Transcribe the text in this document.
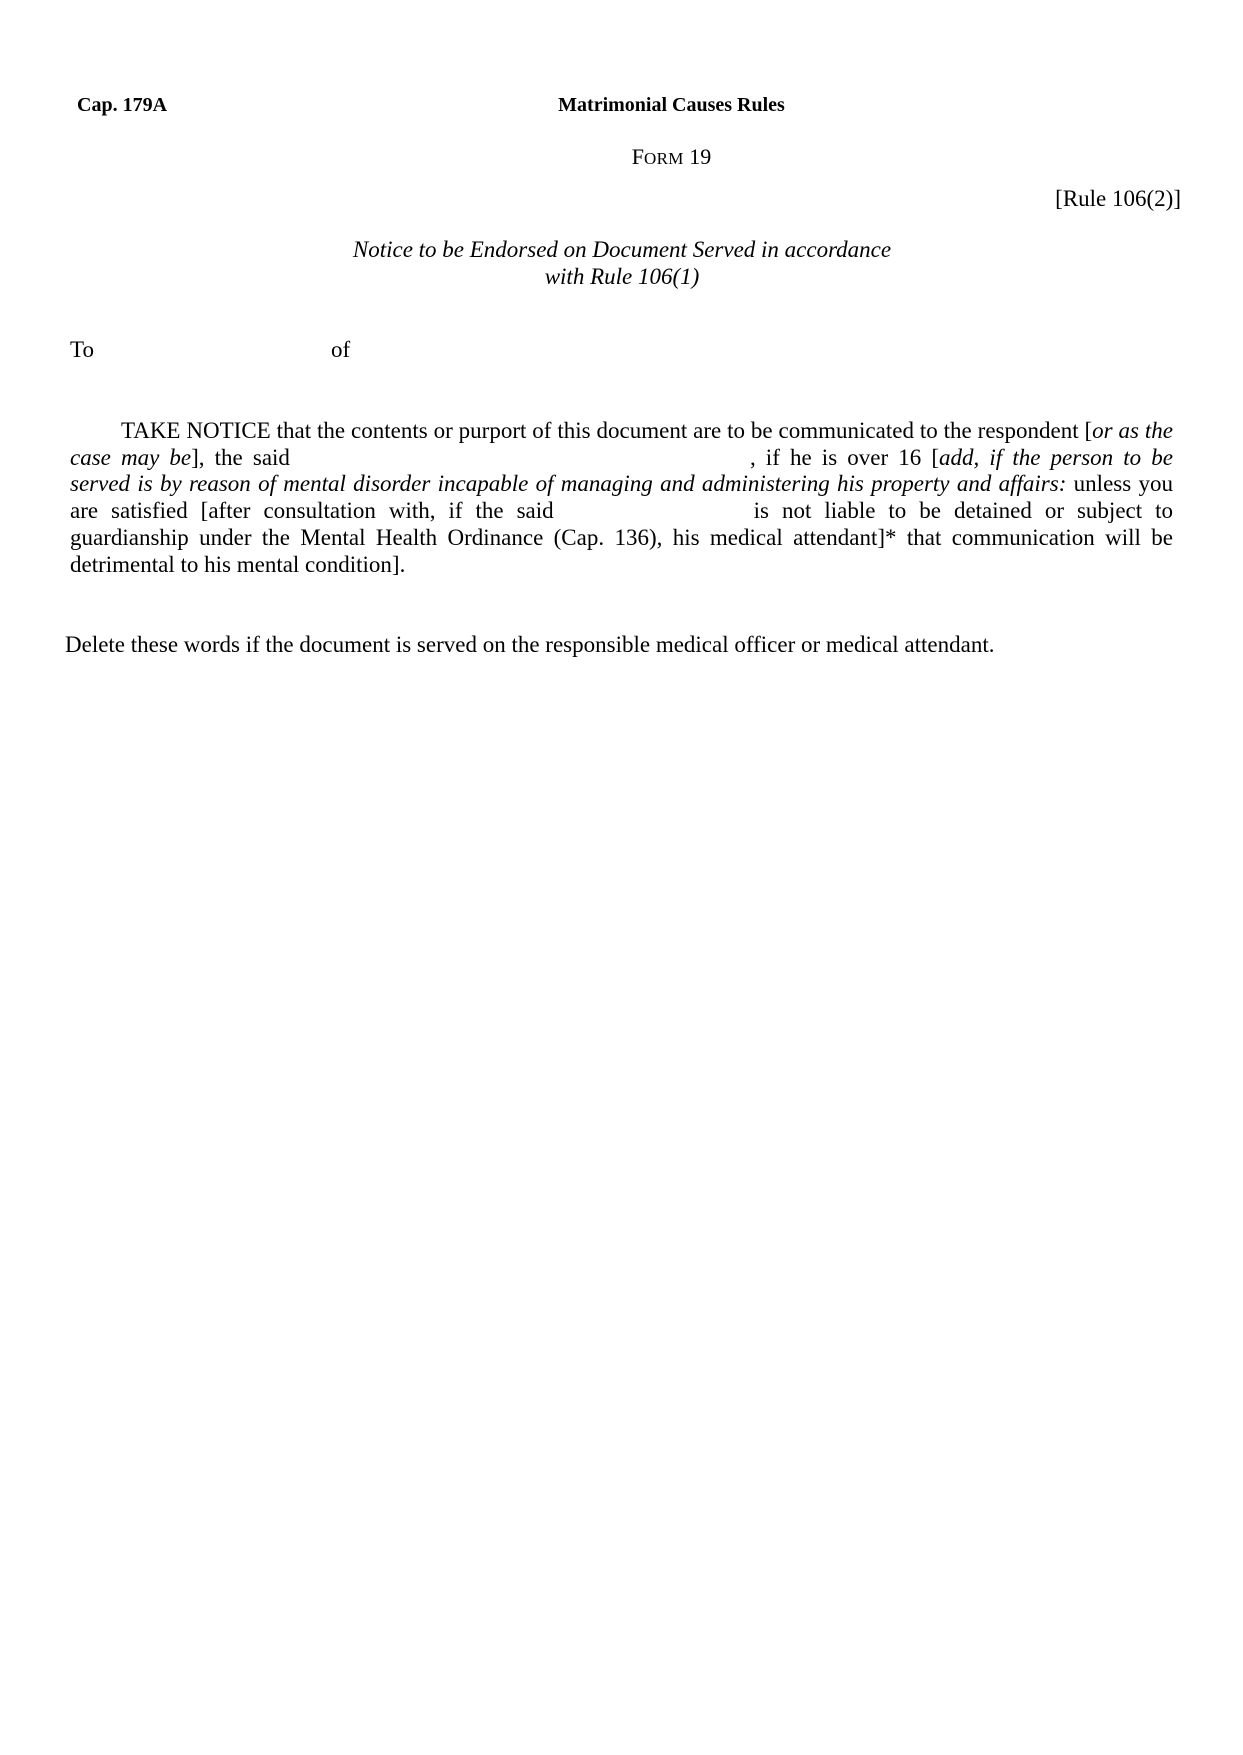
Cap. 179A	Matrimonial Causes Rules
FORM 19
[Rule 106(2)]
Notice to be Endorsed on Document Served in accordance
with Rule 106(1)
To	of
TAKE NOTICE that the contents or purport of this document are to be communicated to the respondent [or as the case may be], the said	, if he is over 16 [add, if the person to be served is by reason of mental disorder incapable of managing and administering his property and affairs: unless you are satisfied [after consultation with, if the said	is not liable to be detained or subject to guardianship under the Mental Health Ordinance (Cap. 136), his medical attendant]* that communication will be detrimental to his mental condition].
Delete these words if the document is served on the responsible medical officer or medical attendant.
